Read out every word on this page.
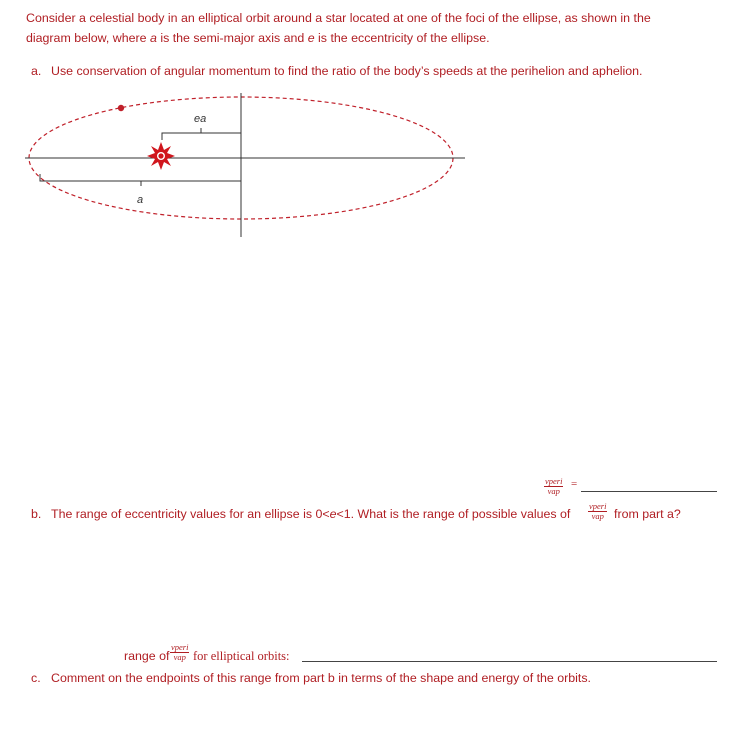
Consider a celestial body in an elliptical orbit around a star located at one of the foci of the ellipse, as shown in the
diagram below, where a is the semi-major axis and e is the eccentricity of the ellipse.
a. Use conservation of angular momentum to find the ratio of the body’s speeds at the perihelion and aphelion.
ea
a
vperi
vap
=
b. The range of eccentricity values for an ellipse is 0<e<1. What is the range of possible values of
vperi
vap from part a?
range of
vperi
vap for elliptical orbits:
c. Comment on the endpoints of this range from part b in terms of the shape and energy of the orbits.
